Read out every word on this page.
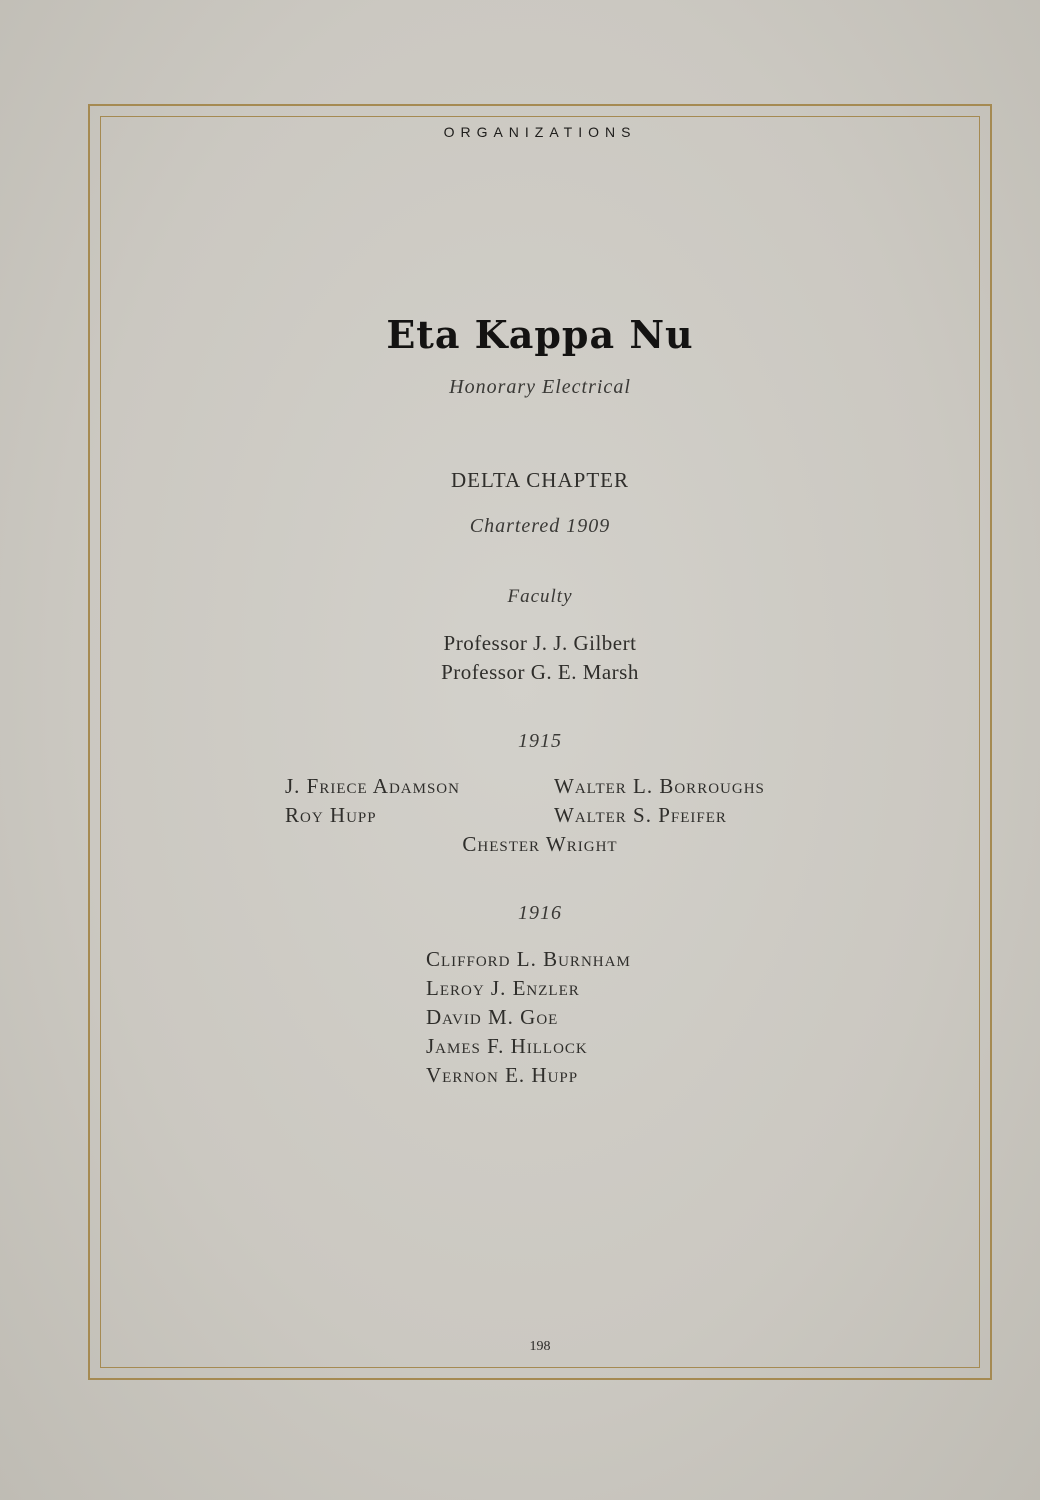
ORGANIZATIONS
Eta Kappa Nu
Honorary Electrical
DELTA CHAPTER
Chartered 1909
Faculty
Professor J. J. Gilbert
Professor G. E. Marsh
1915
J. Friece Adamson	Walter L. Borroughs
Roy Hupp	Walter S. Pfeifer
Chester Wright
1916
Clifford L. Burnham
Leroy J. Enzler
David M. Goe
James F. Hillock
Vernon E. Hupp
198
